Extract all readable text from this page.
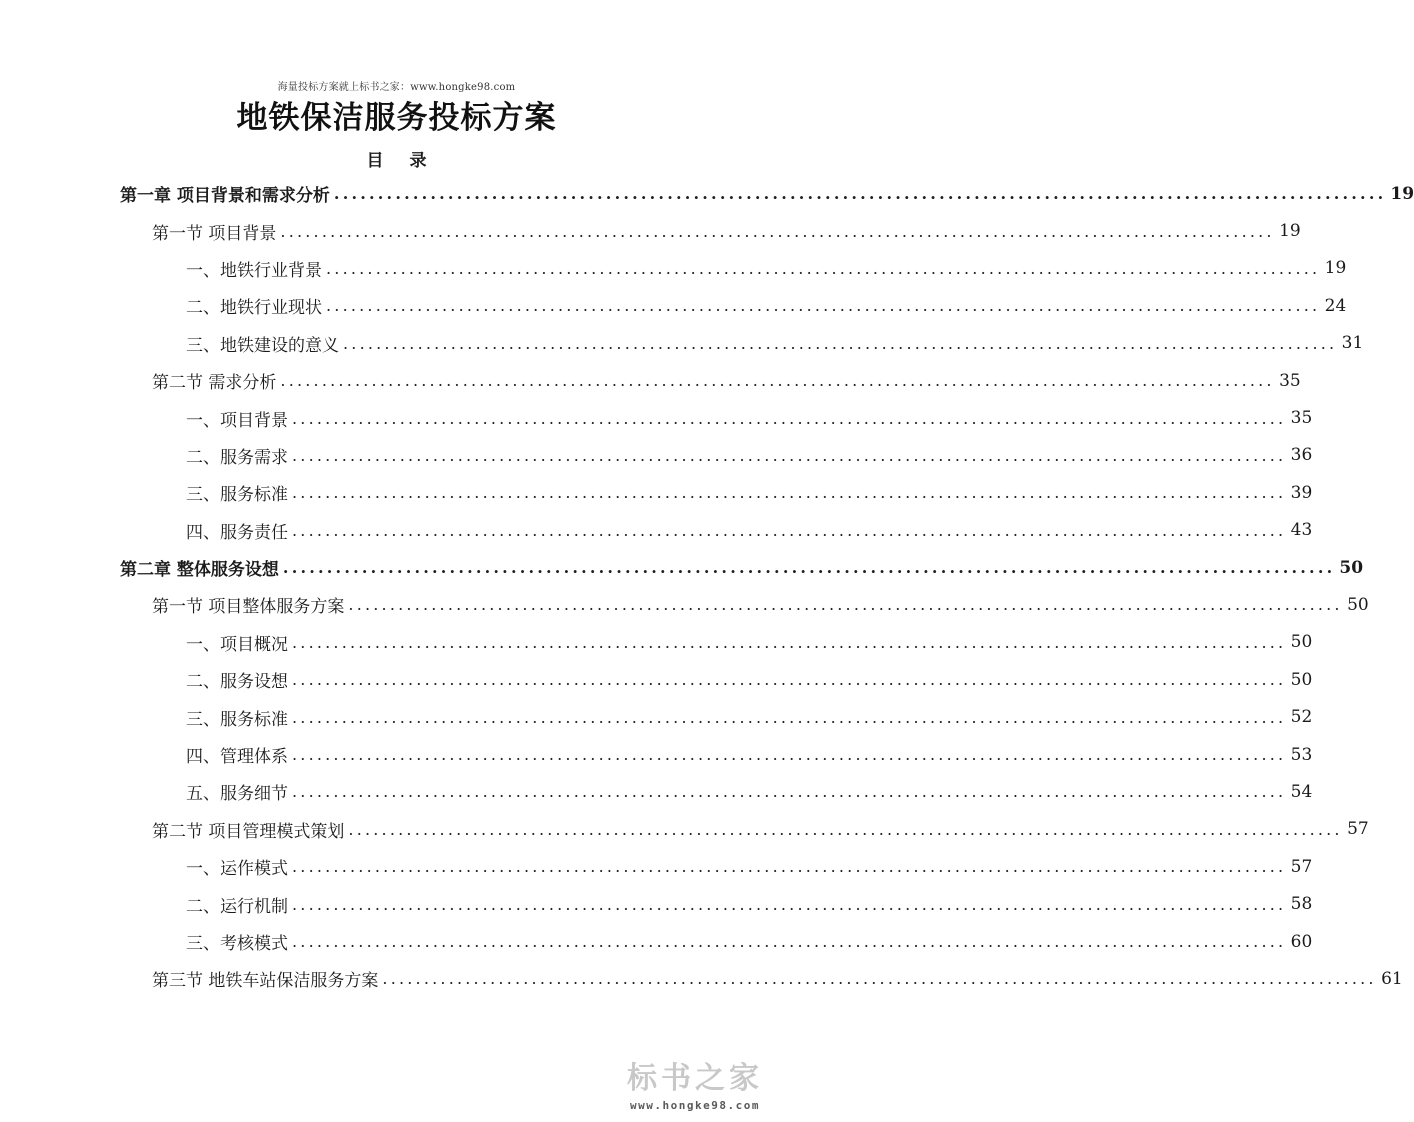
海量投标方案就上标书之家：www.hongke98.com
地铁保洁服务投标方案
目 录
第一章 项目背景和需求分析 ........................................................................................................................ 19
第一节 项目背景 ........................................................................................................................ 19
一、地铁行业背景 ........................................................................................................................ 19
二、地铁行业现状 ........................................................................................................................ 24
三、地铁建设的意义 ........................................................................................................................ 31
第二节 需求分析 ........................................................................................................................ 35
一、项目背景 ........................................................................................................................ 35
二、服务需求 ........................................................................................................................ 36
三、服务标准 ........................................................................................................................ 39
四、服务责任 ........................................................................................................................ 43
第二章 整体服务设想 ........................................................................................................................ 50
第一节 项目整体服务方案 ........................................................................................................................ 50
一、项目概况 ........................................................................................................................ 50
二、服务设想 ........................................................................................................................ 50
三、服务标准 ........................................................................................................................ 52
四、管理体系 ........................................................................................................................ 53
五、服务细节 ........................................................................................................................ 54
第二节 项目管理模式策划 ........................................................................................................................ 57
一、运作模式 ........................................................................................................................ 57
二、运行机制 ........................................................................................................................ 58
三、考核模式 ........................................................................................................................ 60
第三节 地铁车站保洁服务方案 ........................................................................................................................ 61
标书之家
www.hongke98.com
